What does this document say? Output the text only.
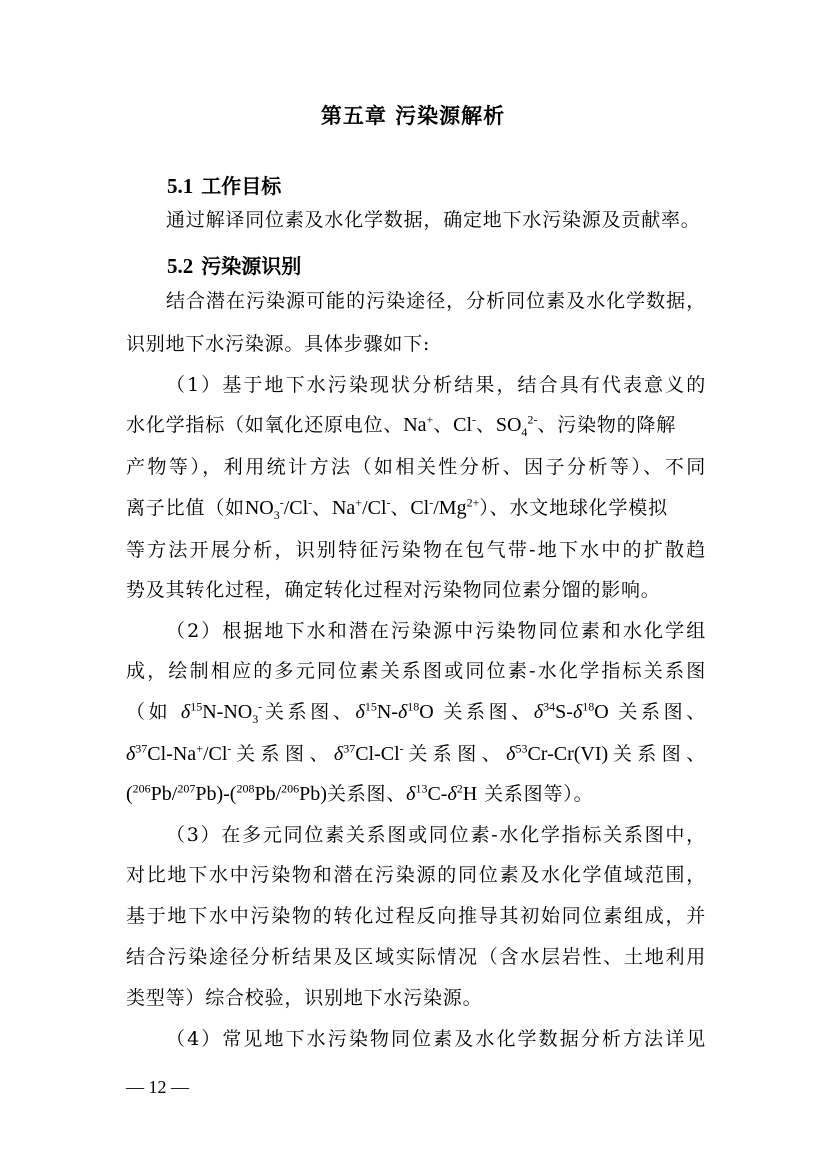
第五章 污染源解析
5.1 工作目标
通过解译同位素及水化学数据，确定地下水污染源及贡献率。
5.2 污染源识别
结合潜在污染源可能的污染途径，分析同位素及水化学数据，
识别地下水污染源。具体步骤如下:
（1）基于地下水污染现状分析结果，结合具有代表意义的
水化学指标（如氧化还原电位、Na+、Cl-、$SO_4^{2-}$、污染物的降解
产物等），利用统计方法（如相关性分析、因子分析等）、不同
离子比值（如$NO_3^-/Cl^-$、Na+/Cl-、$Cl^-/Mg^{2+}$）、水文地球化学模拟
等方法开展分析，识别特征污染物在包气带-地下水中的扩散趋
势及其转化过程，确定转化过程对污染物同位素分馏的影响。
（2）根据地下水和潜在污染源中污染物同位素和水化学组
成，绘制相应的多元同位素关系图或同位素-水化学指标关系图
（如 $\delta^{15}N-NO_3^-$关系图、$\delta^{15}N-\delta^{18}O$ 关系图、$\delta^{34}S-\delta^{18}O$ 关系图、
$\delta^{37}Cl-Na^+/Cl^-$关系图、$\delta^{37}Cl-Cl^-$关系图、$\delta^{53}Cr-Cr(VI)$关系图、
($^{206}$Pb/$^{207}$Pb)-($^{208}$Pb/$^{206}$Pb)关系图、$\delta^{13}C-\delta^2H$ 关系图等）。
（3）在多元同位素关系图或同位素-水化学指标关系图中，
对比地下水中污染物和潜在污染源的同位素及水化学值域范围，
基于地下水中污染物的转化过程反向推导其初始同位素组成，并
结合污染途径分析结果及区域实际情况（含水层岩性、土地利用
类型等）综合校验，识别地下水污染源。
（4）常见地下水污染物同位素及水化学数据分析方法详见
— 12 —
